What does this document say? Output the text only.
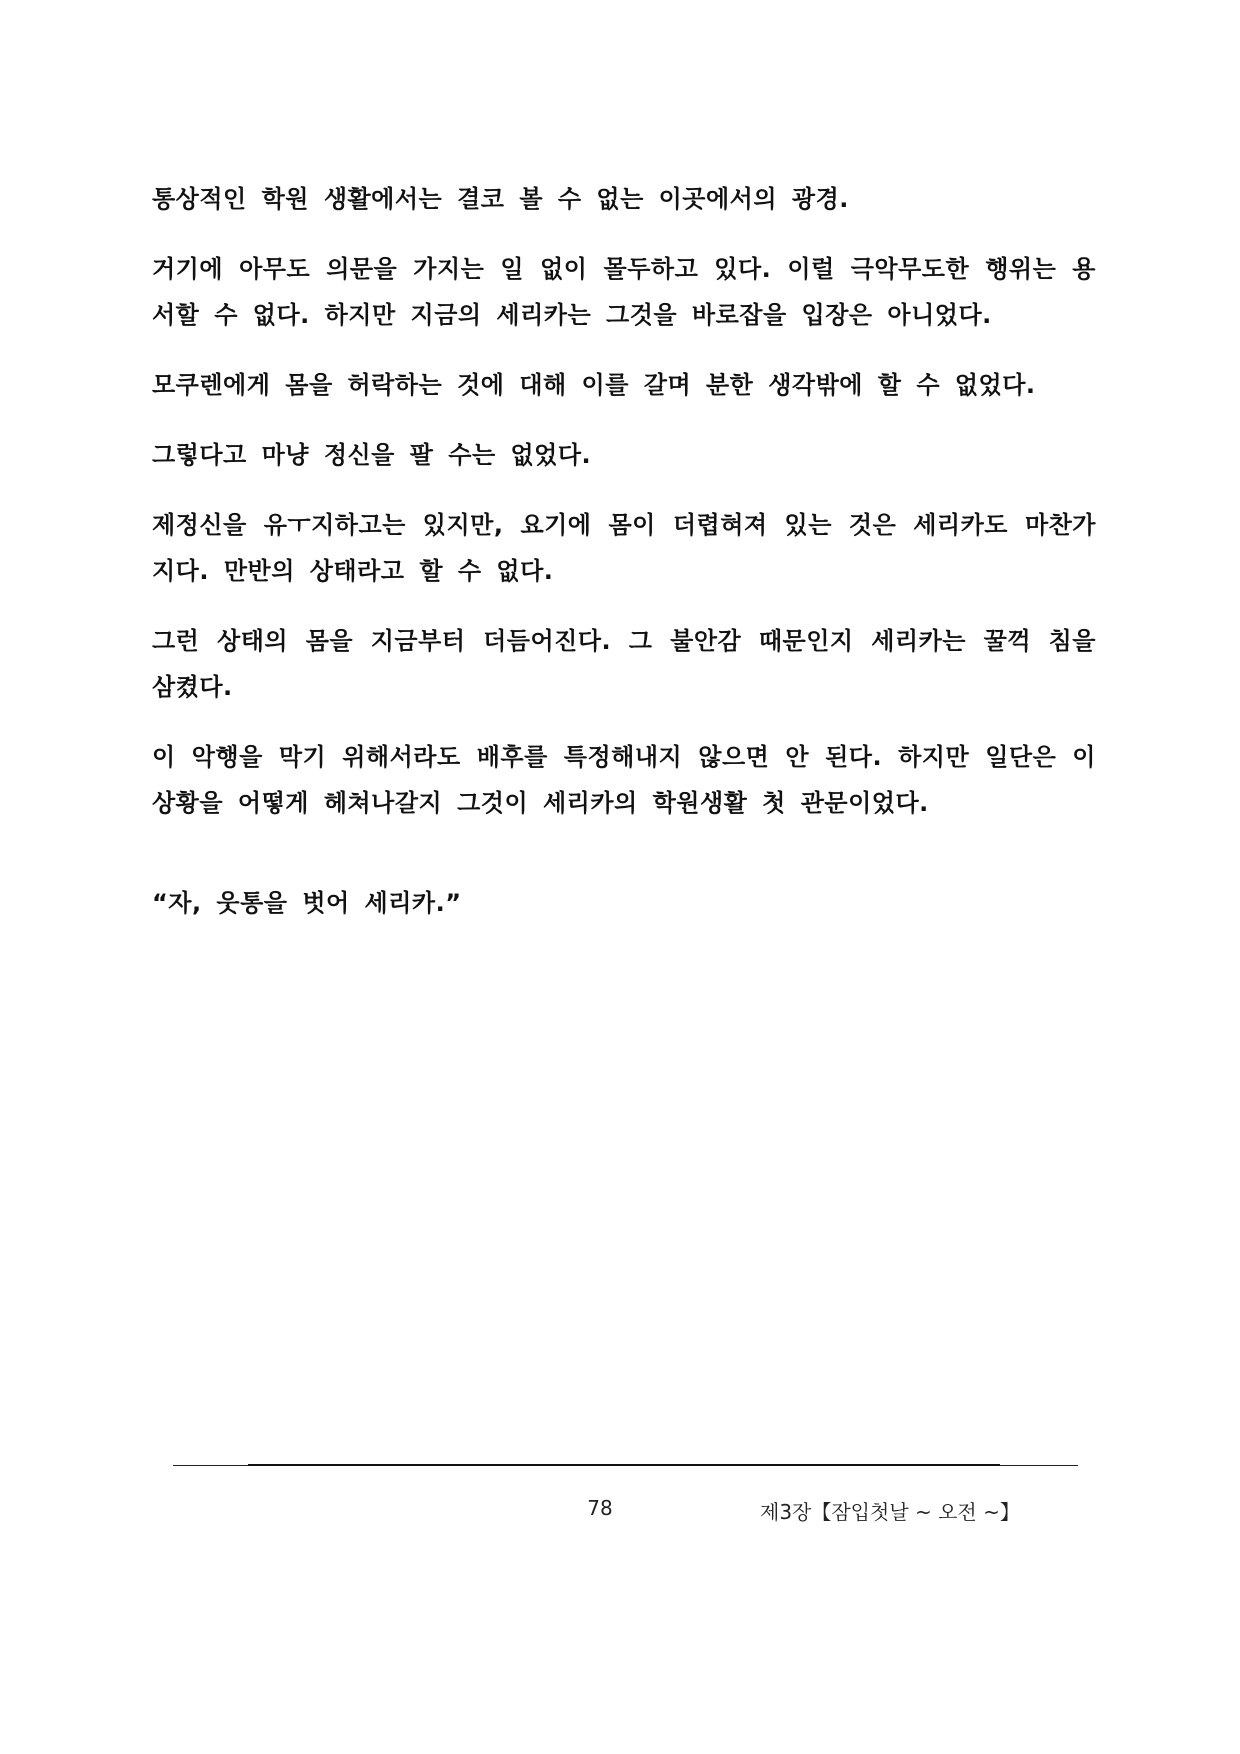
통상적인 학원 생활에서는 결코 볼 수 없는 이곳에서의 광경.

거기에 아무도 의문을 가지는 일 없이 몰두하고 있다. 이럴 극악무도한 행위는 용서할 수 없다. 하지만 지금의 세리카는 그것을 바로잡을 입장은 아니었다.

모쿠렌에게 몸을 허락하는 것에 대해 이를 갈며 분한 생각밖에 할 수 없었다.

그렇다고 마냥 정신을 팔 수는 없었다.

제정신을 유ㅜ지하고는 있지만, 요기에 몸이 더렵혀져 있는 것은 세리카도 마찬가지다. 만반의 상태라고 할 수 없다.

그런 상태의 몸을 지금부터 더듬어진다. 그 불안감 때문인지 세리카는 꿀꺽 침을 삼켰다.

이 악행을 막기 위해서라도 배후를 특정해내지 않으면 안 된다. 하지만 일단은 이 상황을 어떻게 헤쳐나갈지 그것이 세리카의 학원생활 첫 관문이었다.

“자, 웃통을 벗어 세리카.”

78	제3장【잠입첫날 ~ 오전 ~】
